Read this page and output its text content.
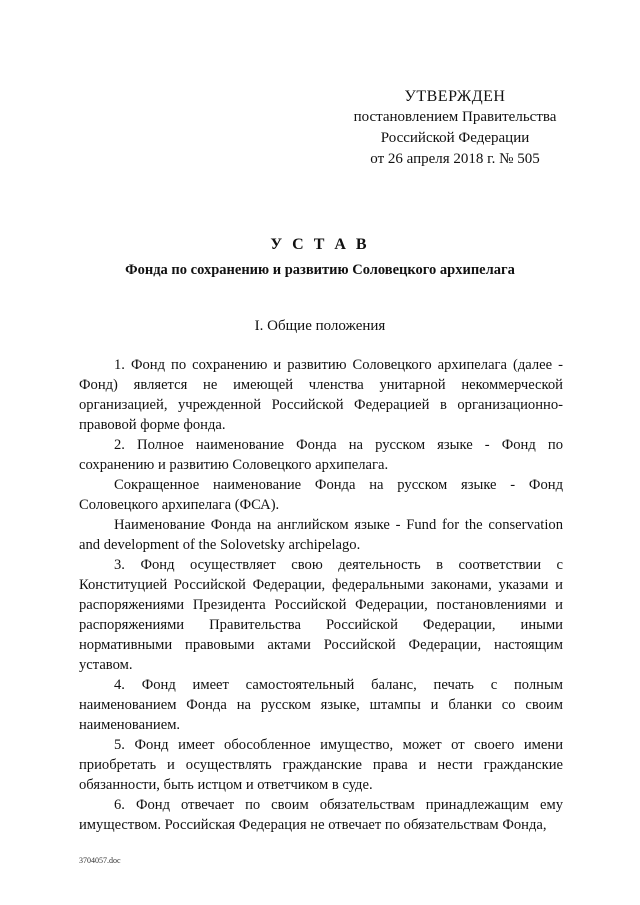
УТВЕРЖДЕН
постановлением Правительства
Российской Федерации
от 26 апреля 2018 г. № 505
У С Т А В
Фонда по сохранению и развитию Соловецкого архипелага
I. Общие положения

1. Фонд по сохранению и развитию Соловецкого архипелага (далее - Фонд) является не имеющей членства унитарной некоммерческой организацией, учрежденной Российской Федерацией в организационно-правовой форме фонда.

2. Полное наименование Фонда на русском языке - Фонд по сохранению и развитию Соловецкого архипелага.

Сокращенное наименование Фонда на русском языке - Фонд Соловецкого архипелага (ФСА).

Наименование Фонда на английском языке - Fund for the conservation and development of the Solovetsky archipelago.

3. Фонд осуществляет свою деятельность в соответствии с Конституцией Российской Федерации, федеральными законами, указами и распоряжениями Президента Российской Федерации, постановлениями и распоряжениями Правительства Российской Федерации, иными нормативными правовыми актами Российской Федерации, настоящим уставом.

4. Фонд имеет самостоятельный баланс, печать с полным наименованием Фонда на русском языке, штампы и бланки со своим наименованием.

5. Фонд имеет обособленное имущество, может от своего имени приобретать и осуществлять гражданские права и нести гражданские обязанности, быть истцом и ответчиком в суде.

6. Фонд отвечает по своим обязательствам принадлежащим ему имуществом. Российская Федерация не отвечает по обязательствам Фонда,

3704057.doc
